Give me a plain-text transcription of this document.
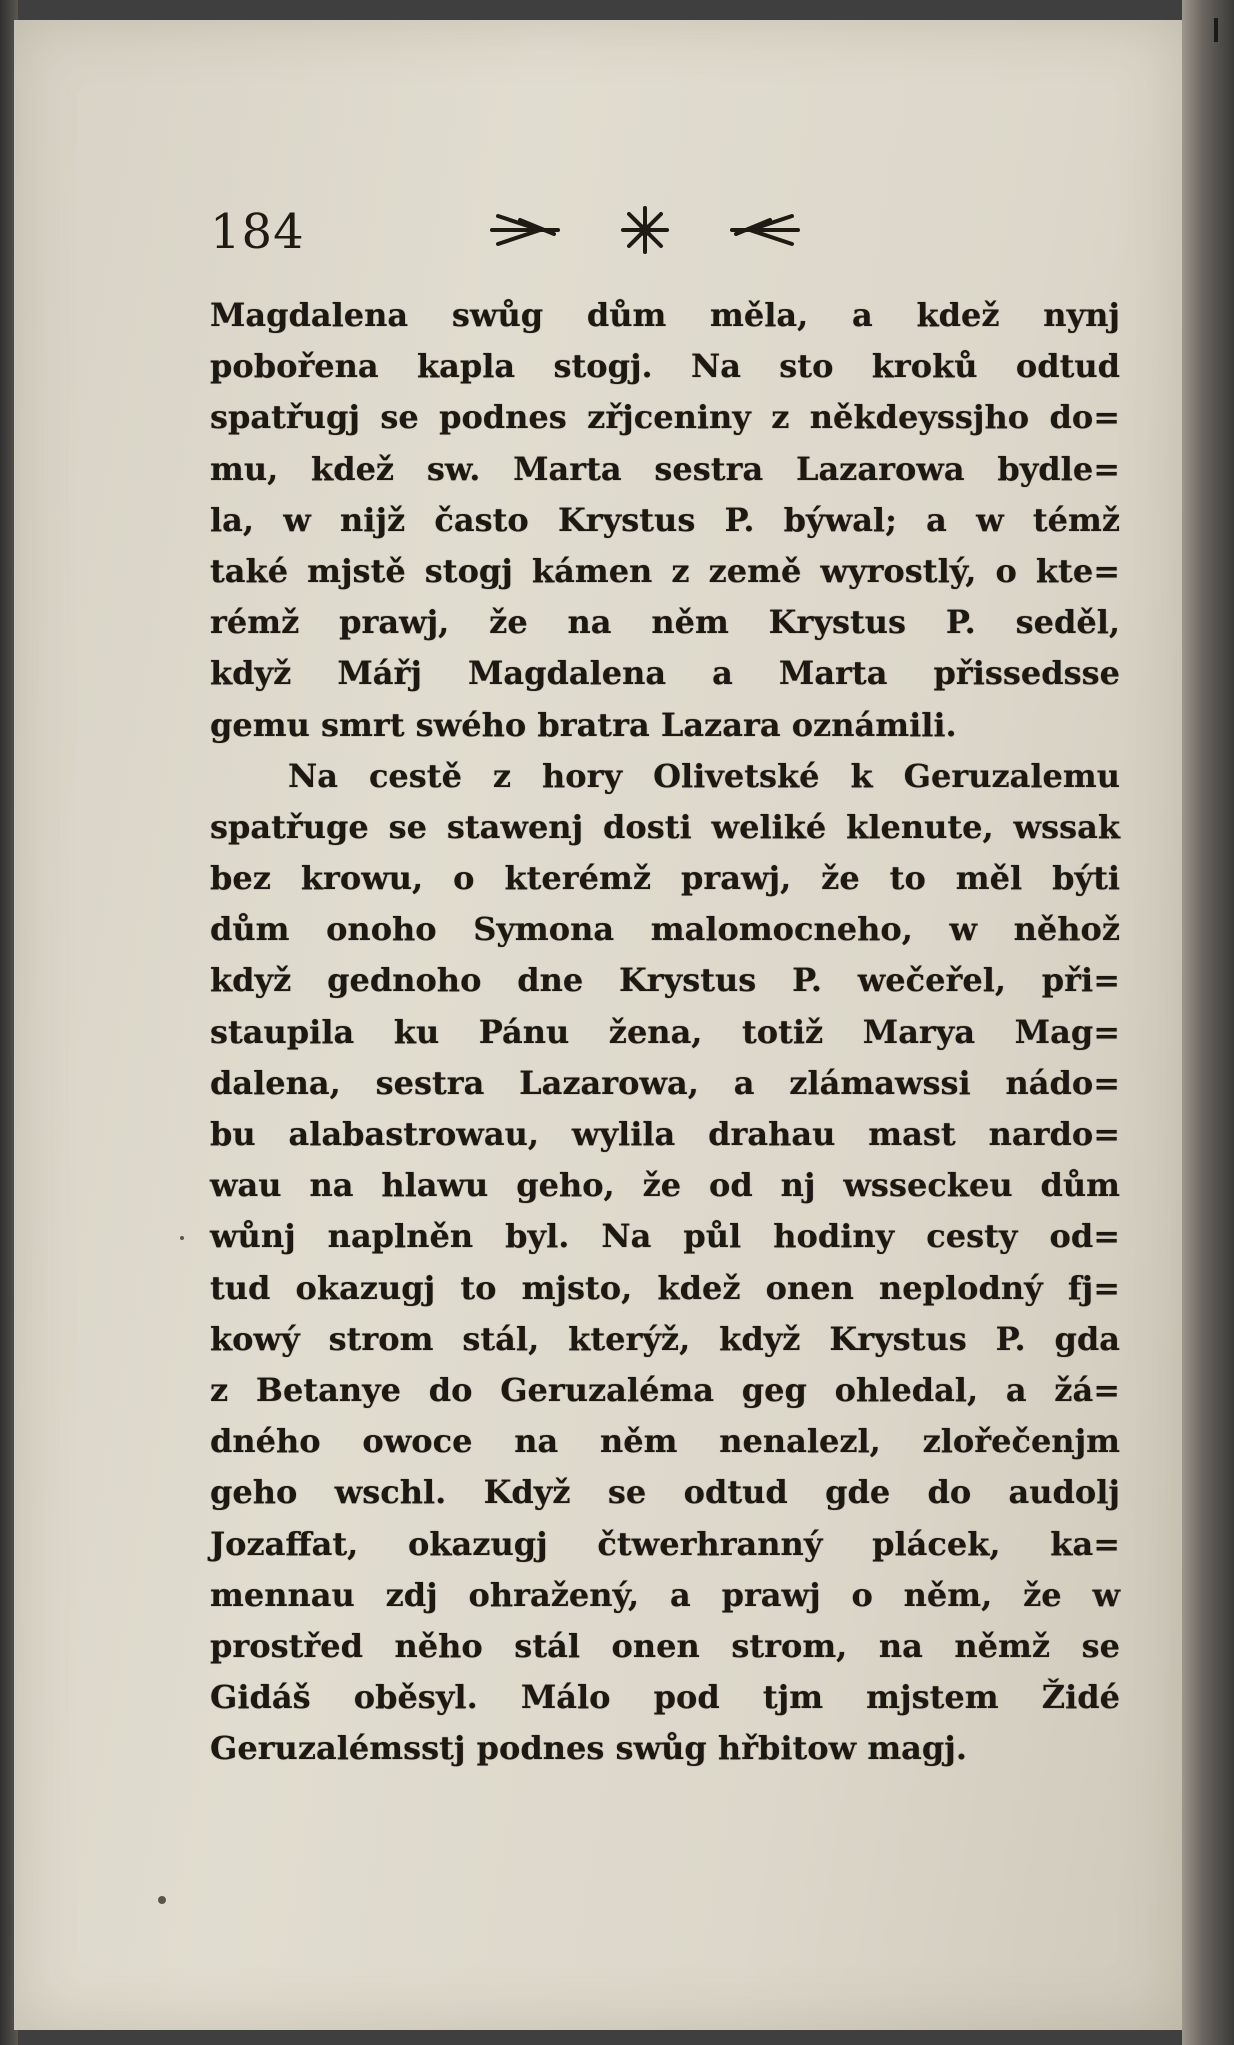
184
Magdalena swůg dům měla, a kdež nynj
pobořena kapla stogj. Na sto kroků odtud
spatřugj se podnes zřjceniny z někdeyssjho do=
mu, kdež sw. Marta sestra Lazarowa bydle=
la, w nijž často Krystus P. býwal; a w témž
také mjstě stogj kámen z země wyrostlý, o kte=
rémž prawj, že na něm Krystus P. seděl,
když Mářj Magdalena a Marta přissedsse
gemu smrt swého bratra Lazara oznámili.
Na cestě z hory Olivetské k Geruzalemu
spatřuge se stawenj dosti weliké klenute, wssak
bez krowu, o kterémž prawj, že to měl býti
dům onoho Symona malomocneho, w něhož
když gednoho dne Krystus P. wečeřel, při=
staupila ku Pánu žena, totiž Marya Mag=
dalena, sestra Lazarowa, a zlámawssi nádo=
bu alabastrowau, wylila drahau mast nardo=
wau na hlawu geho, že od nj wsseckeu dům
wůnj naplněn byl. Na půl hodiny cesty od=
tud okazugj to mjsto, kdež onen neplodný fj=
kowý strom stál, kterýž, když Krystus P. gda
z Betanye do Geruzaléma geg ohledal, a žá=
dného owoce na něm nenalezl, zlořečenjm
geho wschl. Když se odtud gde do audolj
Jozaffat, okazugj čtwerhranný plácek, ka=
mennau zdj ohražený, a prawj o něm, že w
prostřed něho stál onen strom, na němž se
Gidáš oběsyl. Málo pod tjm mjstem Židé
Geruzalémsstj podnes swůg hřbitow magj.
